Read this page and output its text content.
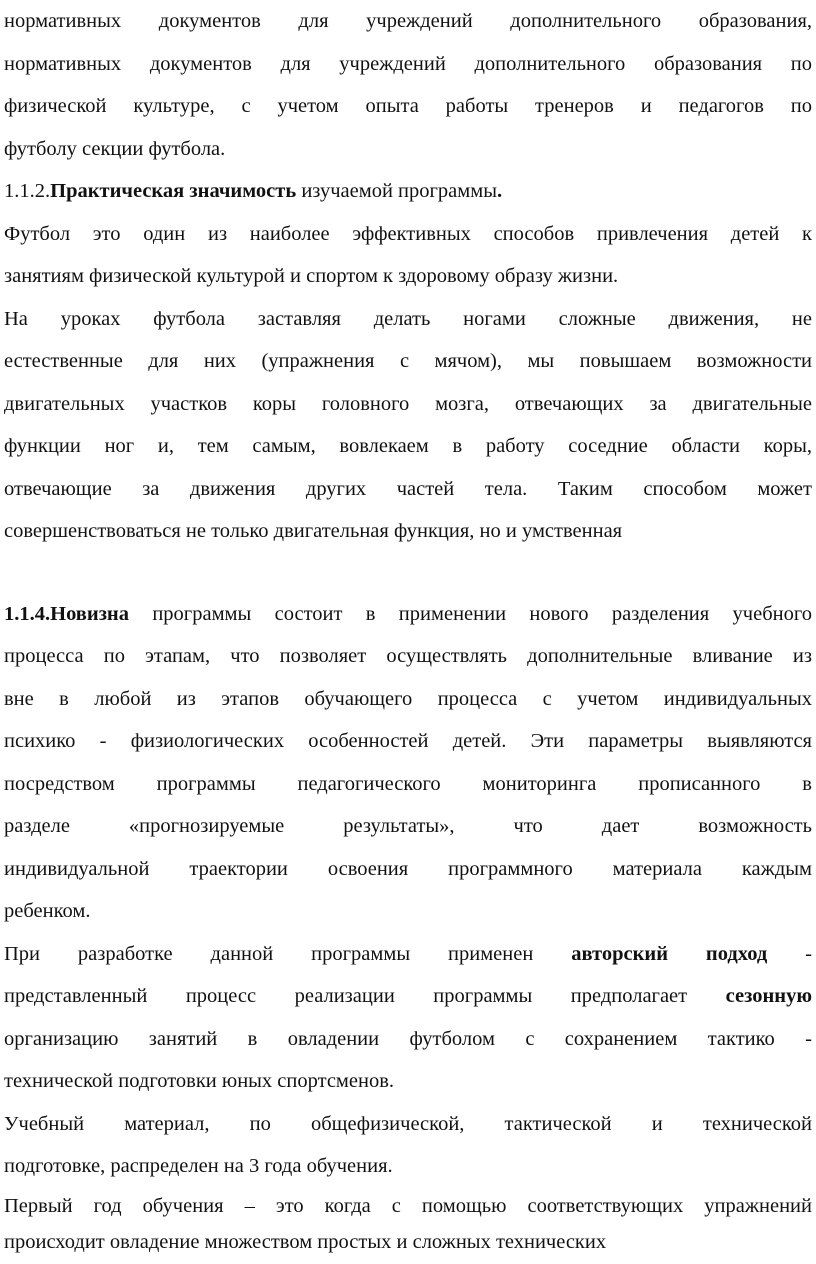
нормативных документов для учреждений дополнительного образования,
нормативных документов для учреждений дополнительного образования по
физической культуре, с учетом опыта работы тренеров и педагогов по
футболу секции футбола.

1.1.2.Практическая значимость изучаемой программы.

Футбол это один из наиболее эффективных способов привлечения детей к
занятиям физической культурой и спортом к здоровому образу жизни.

На уроках футбола заставляя делать ногами сложные движения, не
естественные для них (упражнения с мячом), мы повышаем возможности
двигательных участков коры головного мозга, отвечающих за двигательные
функции ног и, тем самым, вовлекаем в работу соседние области коры,
отвечающие за движения других частей тела. Таким способом может
совершенствоваться не только двигательная функция, но и умственная

1.1.4.Новизна программы состоит в применении нового разделения учебного
процесса по этапам, что позволяет осуществлять дополнительные вливание из
вне в любой из этапов обучающего процесса с учетом индивидуальных
психико - физиологических особенностей детей. Эти параметры выявляются
посредством программы педагогического мониторинга прописанного в
разделе «прогнозируемые результаты», что дает возможность
индивидуальной траектории освоения программного материала каждым
ребенком.

При разработке данной программы применен авторский подход -
представленный процесс реализации программы предполагает сезонную
организацию занятий в овладении футболом с сохранением тактико -
технической подготовки юных спортсменов.

Учебный материал, по общефизической, тактической и технической
подготовке, распределен на 3 года обучения.

Первый год обучения – это когда с помощью соответствующих упражнений
происходит овладение множеством простых и сложных технических
